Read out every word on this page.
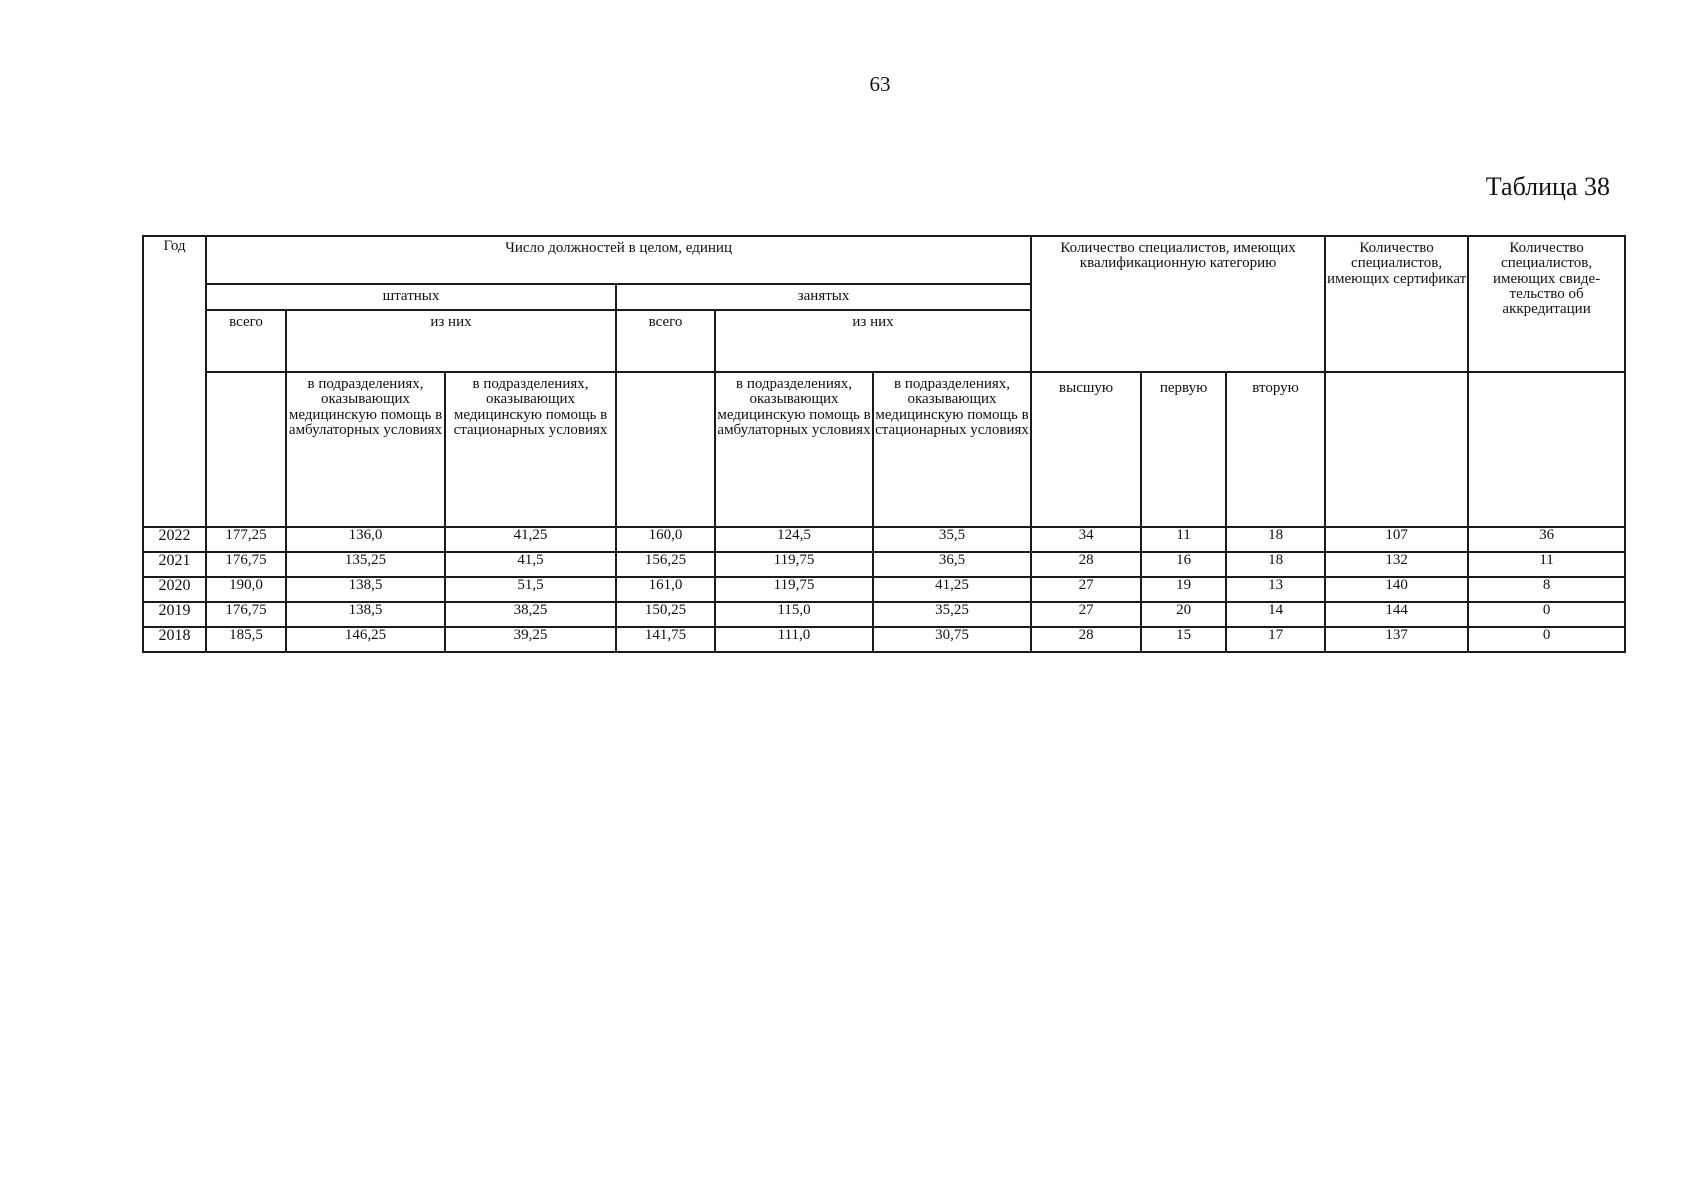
63
Таблица 38
Год	Число должностей в целом, единиц						Количество специалистов, имеющих квалификационную категорию			Количество специалистов, имеющих сертификат	Количество специалистов, имеющих свиде-тельство об аккредитации
	штатных			занятых							
	всего	из них		всего	из них						
		в подразделениях, оказывающих медицинскую помощь в амбулаторных условиях	в подразделениях, оказывающих медицинскую помощь в стационарных условиях		в подразделениях, оказывающих медицинскую помощь в амбулаторных условиях	в подразделениях, оказывающих медицинскую помощь в стационарных условиях	высшую	первую	вторую		
2022	177,25	136,0	41,25	160,0	124,5	35,5	34	11	18	107	36
2021	176,75	135,25	41,5	156,25	119,75	36,5	28	16	18	132	11
2020	190,0	138,5	51,5	161,0	119,75	41,25	27	19	13	140	8
2019	176,75	138,5	38,25	150,25	115,0	35,25	27	20	14	144	0
2018	185,5	146,25	39,25	141,75	111,0	30,75	28	15	17	137	0
